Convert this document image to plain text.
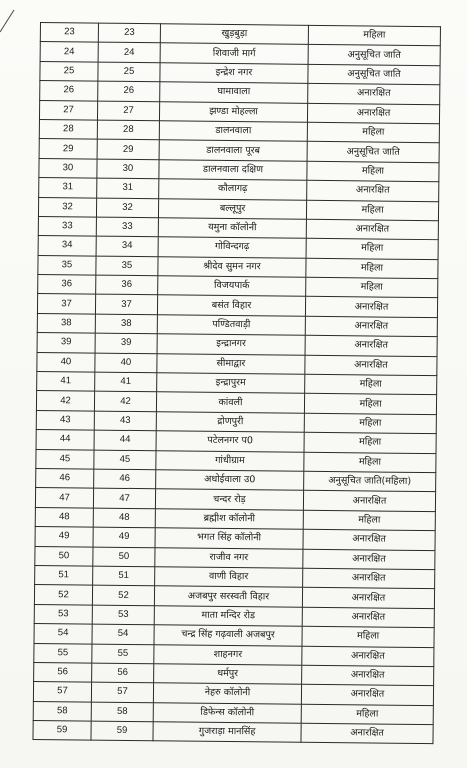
23	23	खुड़बुड़ा	महिला
24	24	शिवाजी मार्ग	अनुसूचित जाति
25	25	इन्द्रेश नगर	अनुसूचित जाति
26	26	घामावाला	अनारक्षित
27	27	झण्डा मोहल्ला	अनारक्षित
28	28	डालनवाला	महिला
29	29	डालनवाला पूरब	अनुसूचित जाति
30	30	डालनवाला दक्षिण	महिला
31	31	कौलागढ़	अनारक्षित
32	32	बल्लूपुर	महिला
33	33	यमुना कॉलोनी	अनारक्षित
34	34	गोविन्दगढ़	महिला
35	35	श्रीदेव सुमन नगर	महिला
36	36	विजयपार्क	महिला
37	37	बसंत विहार	अनारक्षित
38	38	पण्डितवाड़ी	अनारक्षित
39	39	इन्द्रानगर	अनारक्षित
40	40	सीमाद्वार	अनारक्षित
41	41	इन्द्रापुरम	महिला
42	42	कांवली	महिला
43	43	द्रोणपुरी	महिला
44	44	पटेलनगर प0	महिला
45	45	गांधीग्राम	महिला
46	46	अधोईवाला उ0	अनुसूचित जाति(महिला)
47	47	चन्दर रोड़	अनारक्षित
48	48	ब्रह्मीश कॉलोनी	महिला
49	49	भगत सिंह कॉलोनी	अनारक्षित
50	50	राजीव नगर	अनारक्षित
51	51	वाणी विहार	अनारक्षित
52	52	अजबपुर सरस्वती विहार	अनारक्षित
53	53	माता मन्दिर रोड	अनारक्षित
54	54	चन्द्र सिंह गढ़वाली अजबपुर	महिला
55	55	शाहनगर	अनारक्षित
56	56	धर्मपुर	अनारक्षित
57	57	नेहरु कॉलोनी	अनारक्षित
58	58	डिफेन्स कॉलोनी	महिला
59	59	गुजराड़ा मानसिंह	अनारक्षित
